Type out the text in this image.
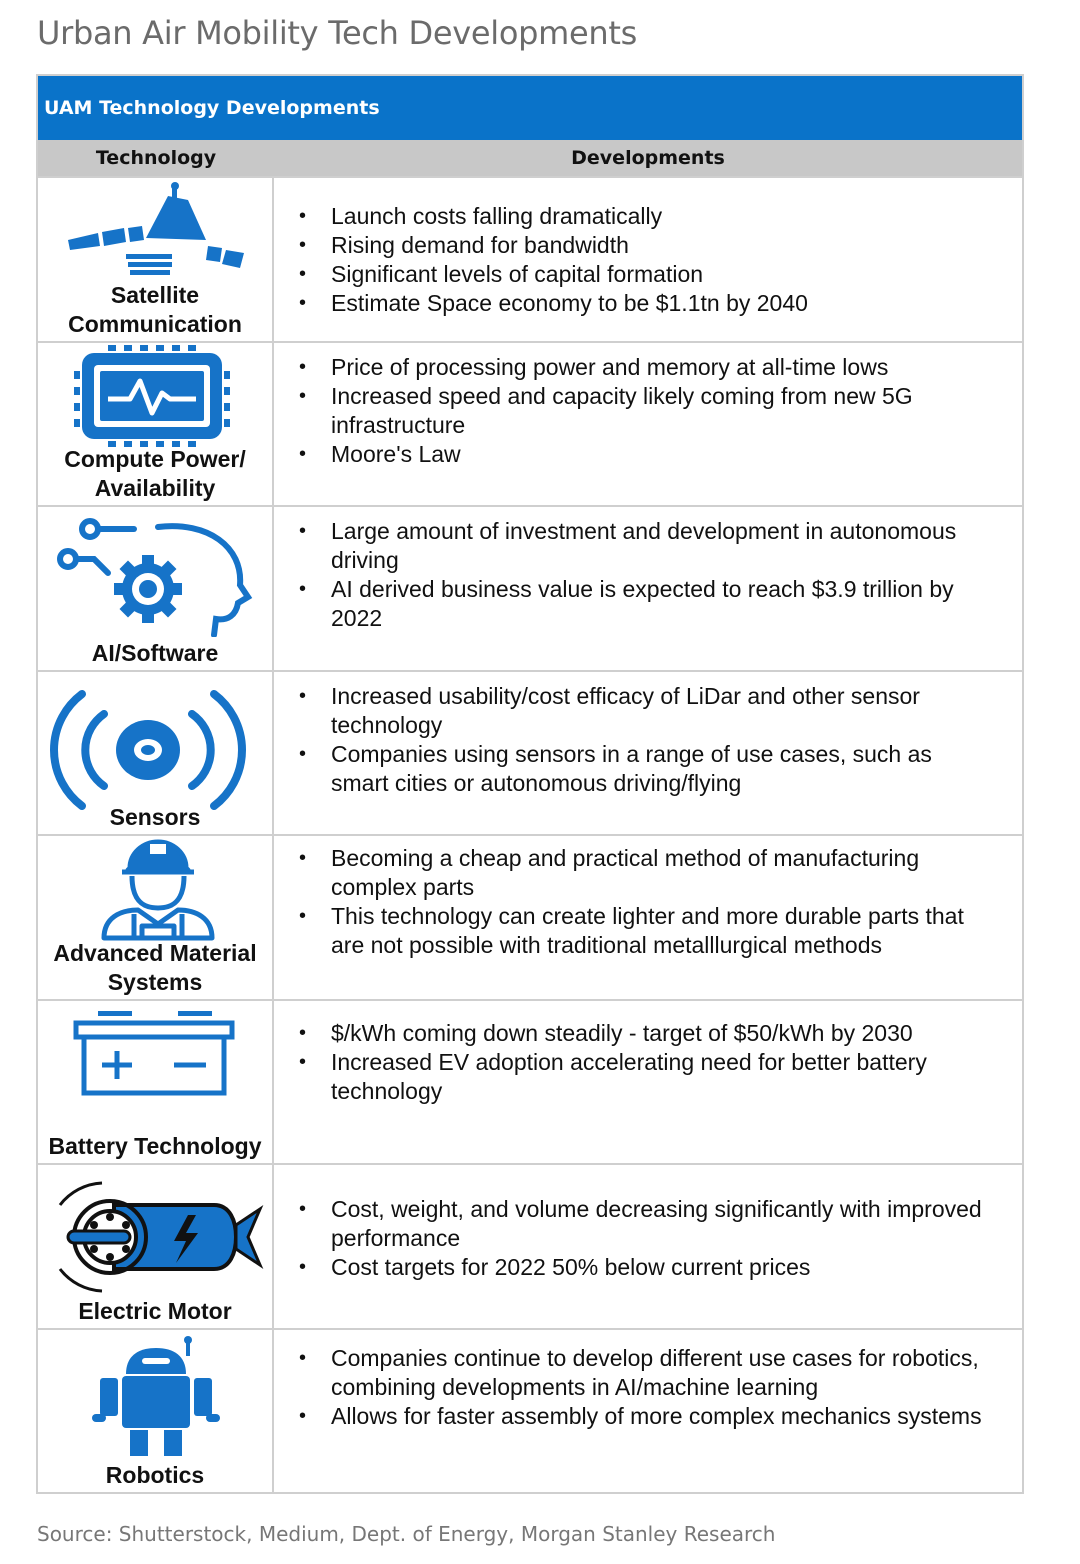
Urban Air Mobility Tech Developments
UAM Technology Developments
Technology	Developments
Satellite Communication
• Launch costs falling dramatically
• Rising demand for bandwidth
• Significant levels of capital formation
• Estimate Space economy to be $1.1tn by 2040
Compute Power/ Availability
• Price of processing power and memory at all-time lows
• Increased speed and capacity likely coming from new 5G infrastructure
• Moore's Law
AI/Software
• Large amount of investment and development in autonomous driving
• AI derived business value is expected to reach $3.9 trillion by 2022
Sensors
• Increased usability/cost efficacy of LiDar and other sensor technology
• Companies using sensors in a range of use cases, such as smart cities or autonomous driving/flying
Advanced Material Systems
• Becoming a cheap and practical method of manufacturing complex parts
• This technology can create lighter and more durable parts that are not possible with traditional metalllurgical methods
Battery Technology
• $/kWh coming down steadily - target of $50/kWh by 2030
• Increased EV adoption accelerating need for better battery technology
Electric Motor
• Cost, weight, and volume decreasing significantly with improved performance
• Cost targets for 2022 50% below current prices
Robotics
• Companies continue to develop different use cases for robotics, combining developments in AI/machine learning
• Allows for faster assembly of more complex mechanics systems
Source: Shutterstock, Medium, Dept. of Energy, Morgan Stanley Research
